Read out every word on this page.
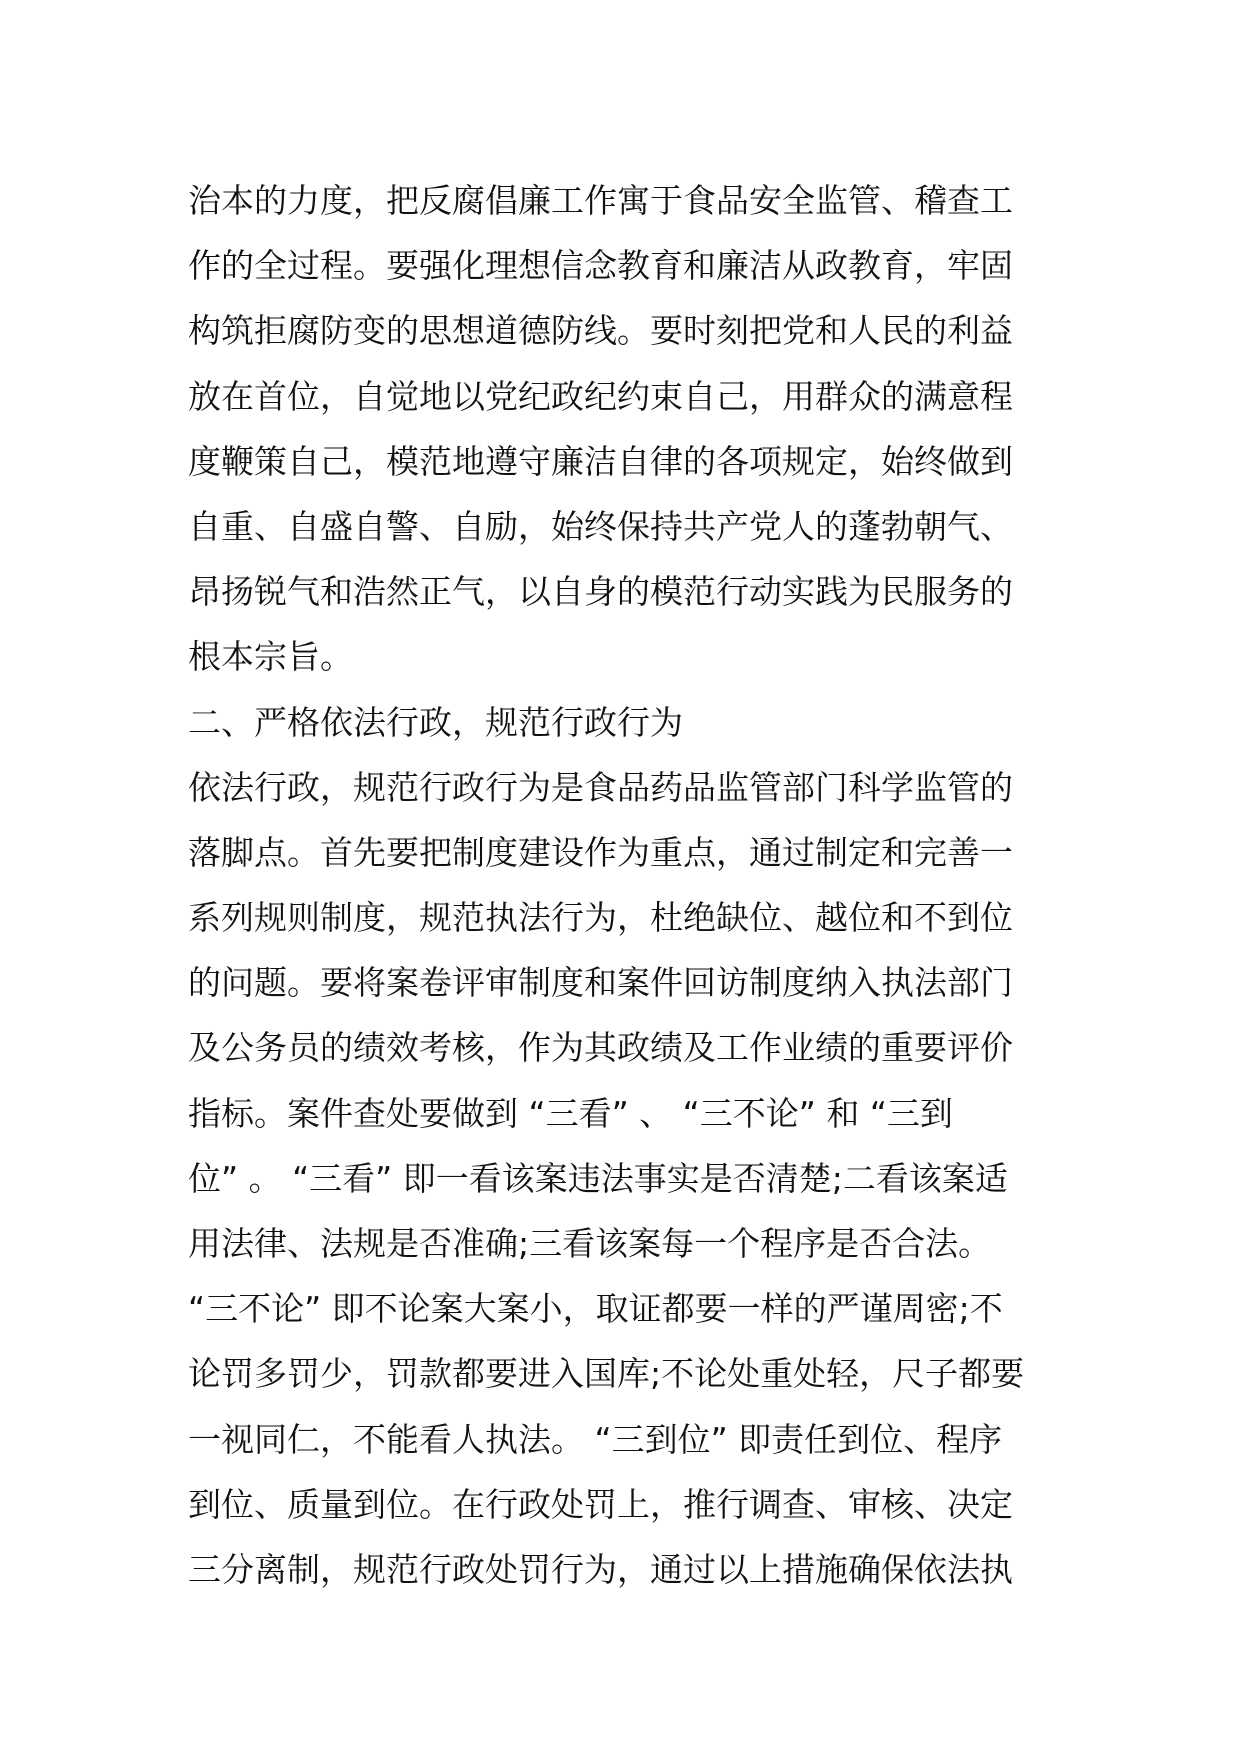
治本的力度，把反腐倡廉工作寓于食品安全监管、稽查工
作的全过程。要强化理想信念教育和廉洁从政教育，牢固
构筑拒腐防变的思想道德防线。要时刻把党和人民的利益
放在首位，自觉地以党纪政纪约束自己，用群众的满意程
度鞭策自己，模范地遵守廉洁自律的各项规定，始终做到
自重、自盛自警、自励，始终保持共产党人的蓬勃朝气、
昂扬锐气和浩然正气，以自身的模范行动实践为民服务的
根本宗旨。
二、严格依法行政，规范行政行为
依法行政，规范行政行为是食品药品监管部门科学监管的
落脚点。首先要把制度建设作为重点，通过制定和完善一
系列规则制度，规范执法行为，杜绝缺位、越位和不到位
的问题。要将案卷评审制度和案件回访制度纳入执法部门
及公务员的绩效考核，作为其政绩及工作业绩的重要评价
指标。案件查处要做到 “三看” 、 “三不论” 和 “三到
位” 。 “三看” 即一看该案违法事实是否清楚;二看该案适
用法律、法规是否准确;三看该案每一个程序是否合法。
“三不论” 即不论案大案小，取证都要一样的严谨周密;不
论罚多罚少，罚款都要进入国库;不论处重处轻，尺子都要
一视同仁，不能看人执法。 “三到位” 即责任到位、程序
到位、质量到位。在行政处罚上，推行调查、审核、决定
三分离制，规范行政处罚行为，通过以上措施确保依法执
